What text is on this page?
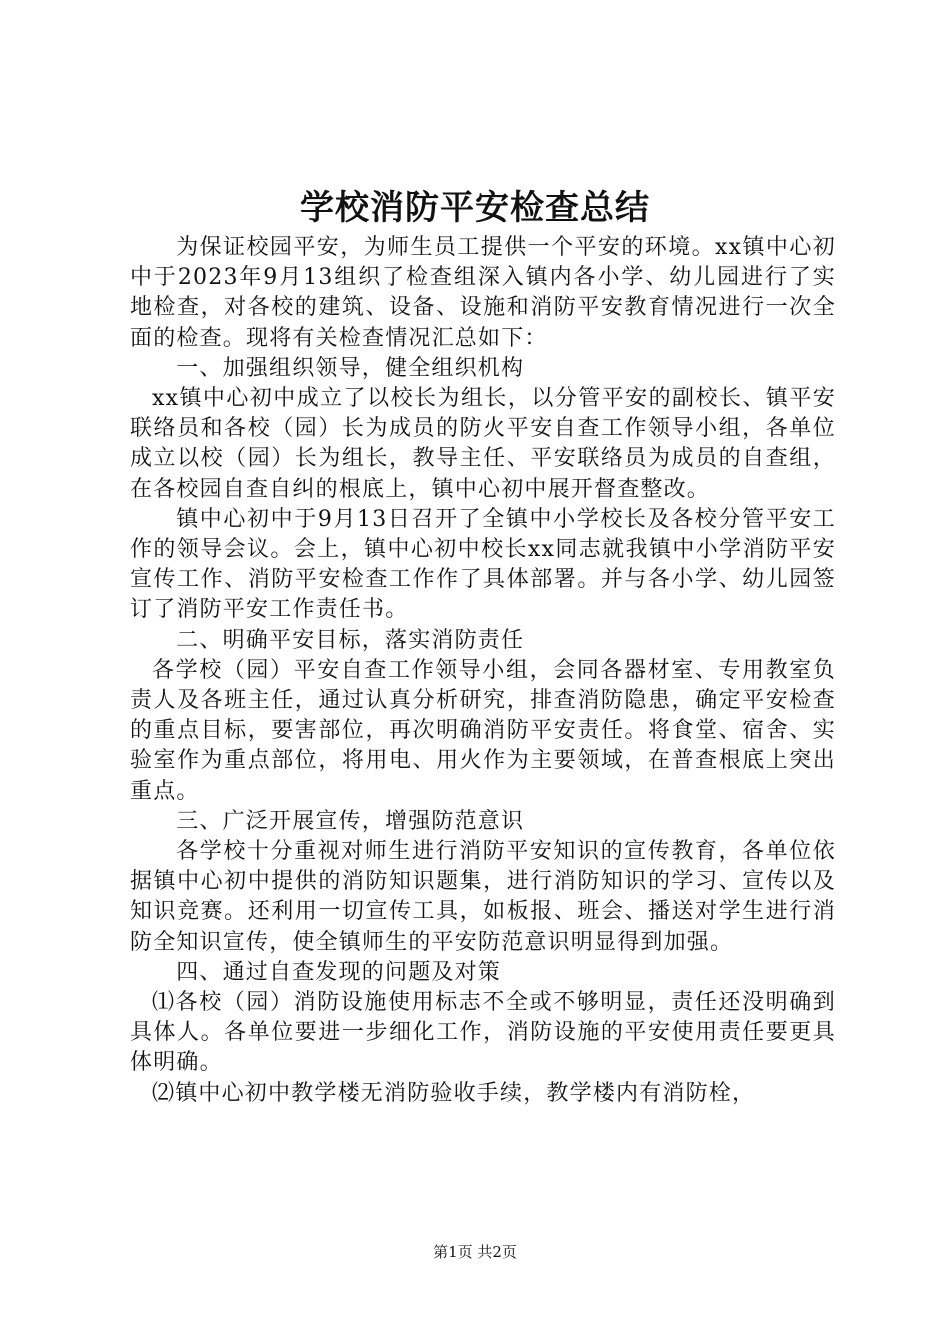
学校消防平安检查总结

为保证校园平安，为师生员工提供一个平安的环境。xx镇中心初中于2023年9月13组织了检查组深入镇内各小学、幼儿园进行了实地检查，对各校的建筑、设备、设施和消防平安教育情况进行一次全面的检查。现将有关检查情况汇总如下：

一、加强组织领导，健全组织机构

xx镇中心初中成立了以校长为组长，以分管平安的副校长、镇平安联络员和各校（园）长为成员的防火平安自查工作领导小组，各单位成立以校（园）长为组长，教导主任、平安联络员为成员的自查组，在各校园自查自纠的根底上，镇中心初中展开督查整改。

镇中心初中于9月13日召开了全镇中小学校长及各校分管平安工作的领导会议。会上，镇中心初中校长xx同志就我镇中小学消防平安宣传工作、消防平安检查工作作了具体部署。并与各小学、幼儿园签订了消防平安工作责任书。

二、明确平安目标，落实消防责任

各学校（园）平安自查工作领导小组，会同各器材室、专用教室负责人及各班主任，通过认真分析研究，排查消防隐患，确定平安检查的重点目标，要害部位，再次明确消防平安责任。将食堂、宿舍、实验室作为重点部位，将用电、用火作为主要领域，在普查根底上突出重点。

三、广泛开展宣传，增强防范意识

各学校十分重视对师生进行消防平安知识的宣传教育，各单位依据镇中心初中提供的消防知识题集，进行消防知识的学习、宣传以及知识竞赛。还利用一切宣传工具，如板报、班会、播送对学生进行消防全知识宣传，使全镇师生的平安防范意识明显得到加强。

四、通过自查发现的问题及对策

⑴各校（园）消防设施使用标志不全或不够明显，责任还没明确到具体人。各单位要进一步细化工作，消防设施的平安使用责任要更具体明确。

⑵镇中心初中教学楼无消防验收手续，教学楼内有消防栓，

第1页 共2页
